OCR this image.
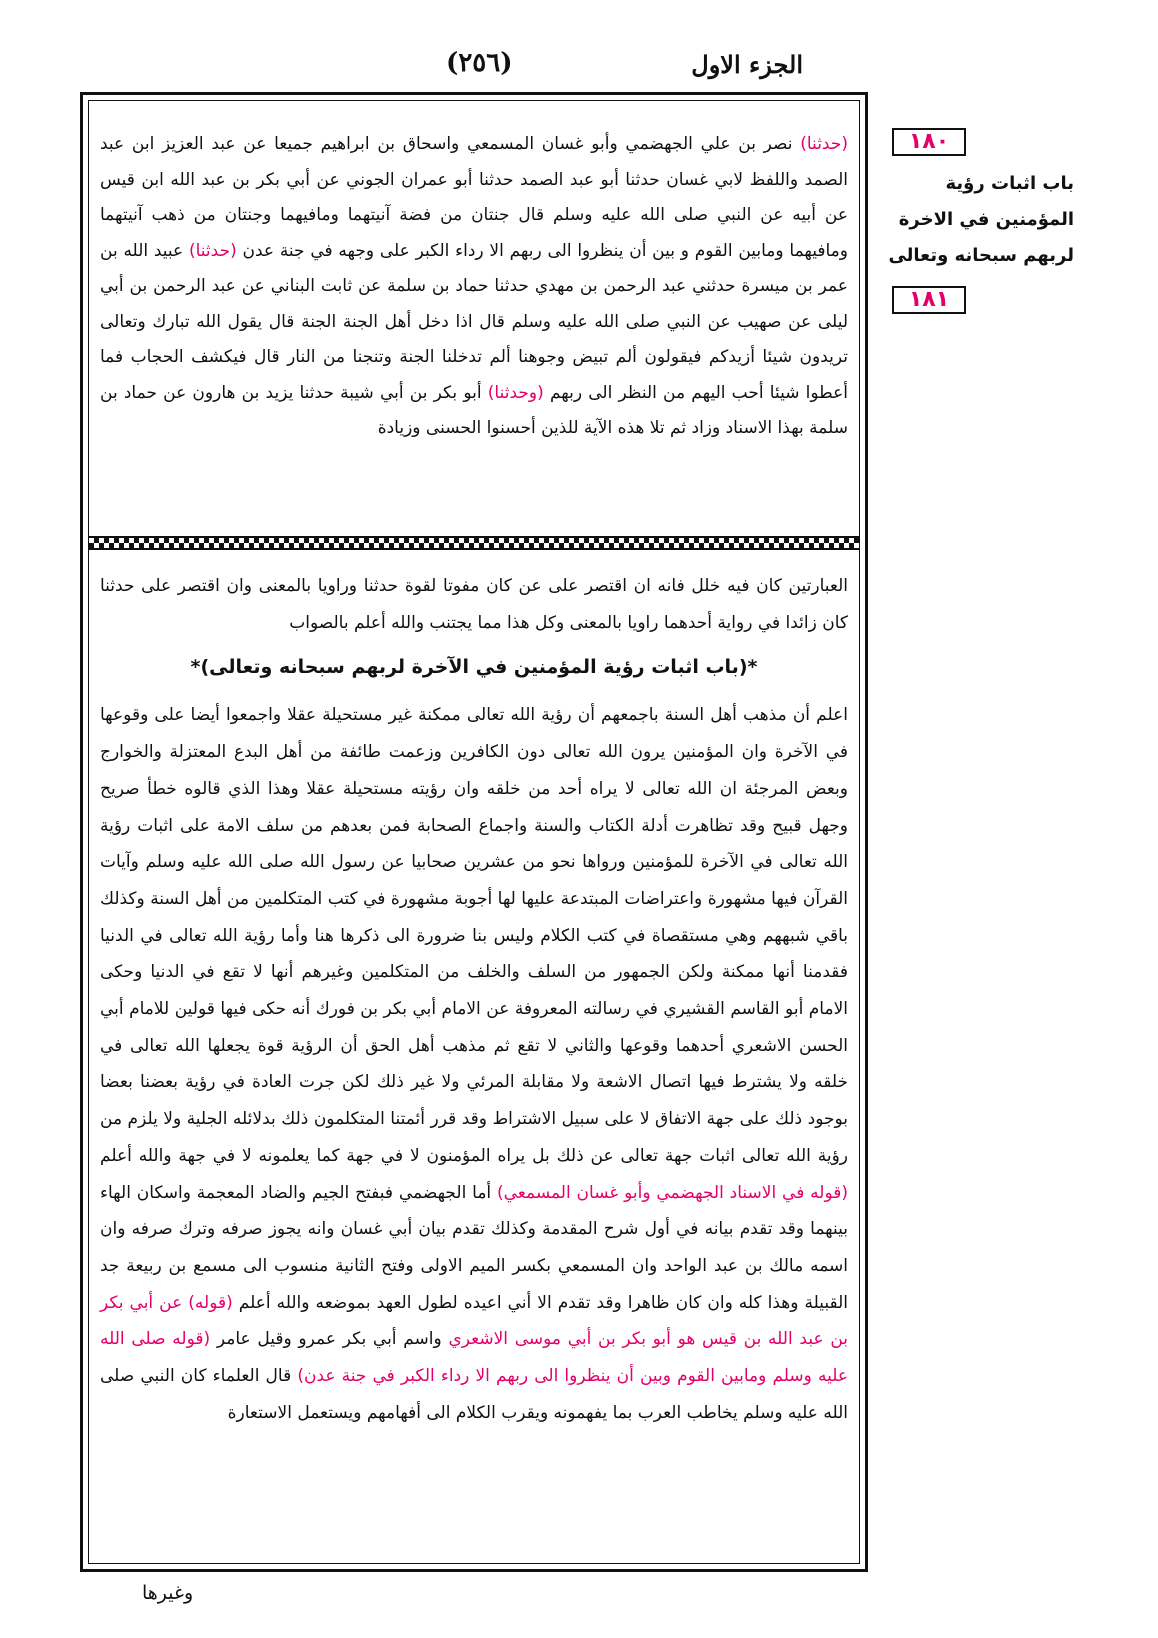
الجزء الاول
(٢٥٦)

(حدثنا) نصر بن علي الجهضمي وأبو غسان المسمعي واسحاق بن ابراهيم جميعا عن عبد العزيز ابن عبد الصمد واللفظ لابي غسان حدثنا أبو عبد الصمد حدثنا أبو عمران الجوني عن أبي بكر بن عبد الله ابن قيس عن أبيه عن النبي صلى الله عليه وسلم قال جنتان من فضة آنيتهما ومافيهما وجنتان من ذهب آنيتهما ومافيهما ومابين القوم و بين أن ينظروا الى ربهم الا رداء الكبر على وجهه في جنة عدن (حدثنا) عبيد الله بن عمر بن ميسرة حدثني عبد الرحمن بن مهدي حدثنا حماد بن سلمة عن ثابت البناني عن عبد الرحمن بن أبي ليلى عن صهيب عن النبي صلى الله عليه وسلم قال اذا دخل أهل الجنة الجنة قال يقول الله تبارك وتعالى تريدون شيئا أزيدكم فيقولون ألم تبيض وجوهنا ألم تدخلنا الجنة وتنجنا من النار قال فيكشف الحجاب فما أعطوا شيئا أحب اليهم من النظر الى ربهم (وحدثنا) أبو بكر بن أبي شيبة حدثنا يزيد بن هارون عن حماد بن سلمة بهذا الاسناد وزاد ثم تلا هذه الآية للذين أحسنوا الحسنى وزيادة

العبارتين كان فيه خلل فانه ان اقتصر على عن كان مفوتا لقوة حدثنا وراويا بالمعنى وان اقتصر على حدثنا كان زائدا في رواية أحدهما راويا بالمعنى وكل هذا مما يجتنب والله أعلم بالصواب

*(باب اثبات رؤية المؤمنين في الآخرة لربهم سبحانه وتعالى)*

اعلم أن مذهب أهل السنة باجمعهم أن رؤية الله تعالى ممكنة غير مستحيلة عقلا واجمعوا أيضا على وقوعها في الآخرة وان المؤمنين يرون الله تعالى دون الكافرين وزعمت طائفة من أهل البدع المعتزلة والخوارج وبعض المرجئة ان الله تعالى لا يراه أحد من خلقه وان رؤيته مستحيلة عقلا وهذا الذي قالوه خطأ صريح وجهل قبيح وقد تظاهرت أدلة الكتاب والسنة واجماع الصحابة فمن بعدهم من سلف الامة على اثبات رؤية الله تعالى في الآخرة للمؤمنين ورواها نحو من عشرين صحابيا عن رسول الله صلى الله عليه وسلم وآيات القرآن فيها مشهورة واعتراضات المبتدعة عليها لها أجوبة مشهورة في كتب المتكلمين من أهل السنة وكذلك باقي شبههم وهي مستقصاة في كتب الكلام وليس بنا ضرورة الى ذكرها هنا وأما رؤية الله تعالى في الدنيا فقدمنا أنها ممكنة ولكن الجمهور من السلف والخلف من المتكلمين وغيرهم أنها لا تقع في الدنيا وحكى الامام أبو القاسم القشيري في رسالته المعروفة عن الامام أبي بكر بن فورك أنه حكى فيها قولين للامام أبي الحسن الاشعري أحدهما وقوعها والثاني لا تقع ثم مذهب أهل الحق أن الرؤية قوة يجعلها الله تعالى في خلقه ولا يشترط فيها اتصال الاشعة ولا مقابلة المرئي ولا غير ذلك لكن جرت العادة في رؤية بعضنا بعضا بوجود ذلك على جهة الاتفاق لا على سبيل الاشتراط وقد قرر أئمتنا المتكلمون ذلك بدلائله الجلية ولا يلزم من رؤية الله تعالى اثبات جهة تعالى عن ذلك بل يراه المؤمنون لا في جهة كما يعلمونه لا في جهة والله أعلم (قوله في الاسناد الجهضمي وأبو غسان المسمعي) أما الجهضمي فبفتح الجيم والضاد المعجمة واسكان الهاء بينهما وقد تقدم بيانه في أول شرح المقدمة وكذلك تقدم بيان أبي غسان وانه يجوز صرفه وترك صرفه وان اسمه مالك بن عبد الواحد وان المسمعي بكسر الميم الاولى وفتح الثانية منسوب الى مسمع بن ربيعة جد القبيلة وهذا كله وان كان ظاهرا وقد تقدم الا أني اعيده لطول العهد بموضعه والله أعلم (قوله) عن أبي بكر بن عبد الله بن قيس هو أبو بكر بن أبي موسى الاشعري واسم أبي بكر عمرو وقيل عامر (قوله صلى الله عليه وسلم ومابين القوم وبين أن ينظروا الى ربهم الا رداء الكبر في جنة عدن) قال العلماء كان النبي صلى الله عليه وسلم يخاطب العرب بما يفهمونه ويقرب الكلام الى أفهامهم ويستعمل الاستعارة

١٨٠
باب اثبات رؤية المؤمنين في الاخرة لربهم سبحانه وتعالى
١٨١
وغيرها
